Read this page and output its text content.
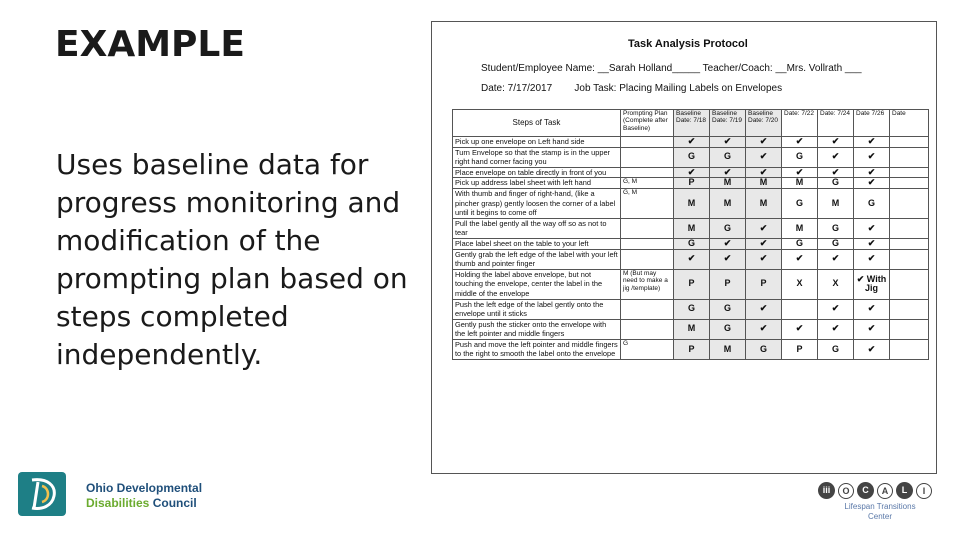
EXAMPLE
Uses baseline data for
progress monitoring and
modification of the
prompting plan based on
steps completed
independently.
Task Analysis Protocol
Student/Employee Name: __Sarah Holland_____ Teacher/Coach: __Mrs. Vollrath ___
Date: 7/17/2017        Job Task: Placing Mailing Labels on Envelopes
Steps of Task	Prompting Plan (Complete after Baseline)	Baseline Date: 7/18	Baseline Date: 7/19	Baseline Date: 7/20	Date: 7/22	Date: 7/24	Date 7/26	Date
Pick up one envelope on Left hand side		✔	✔	✔	✔	✔	✔	
Turn Envelope so that the stamp is in the upper right hand corner facing you		G	G	✔	G	✔	✔	
Place envelope on table directly in front of you		✔	✔	✔	✔	✔	✔	
Pick up address label sheet with left hand	G, M	P	M	M	M	G	✔	
With thumb and finger of right-hand, (like a pincher grasp) gently loosen the corner of a label until it begins to come off	G, M	M	M	M	G	M	G	
Pull the label gently all the way off so as not to tear		M	G	✔	M	G	✔	
Place label sheet on the table to your left		G	✔	✔	G	G	✔	
Gently grab the left edge of the label with your left thumb and pointer finger		✔	✔	✔	✔	✔	✔	
Holding the label above envelope, but not touching the envelope, center the label in the middle of the envelope	M (But may need to make a jig /template)	P	P	P	X	X	✔ With Jig	
Push the left edge of the label gently onto the envelope until it sticks		G	G	✔		✔	✔	
Gently push the sticker onto the envelope with the left pointer and middle fingers		M	G	✔	✔	✔	✔	
Push and move the left pointer and middle fingers to the right to smooth the label onto the envelope	G	P	M	G	P	G	✔	
Ohio Developmental
Disabilities Council
iii	O	C	A	L	I
Lifespan Transitions Center
